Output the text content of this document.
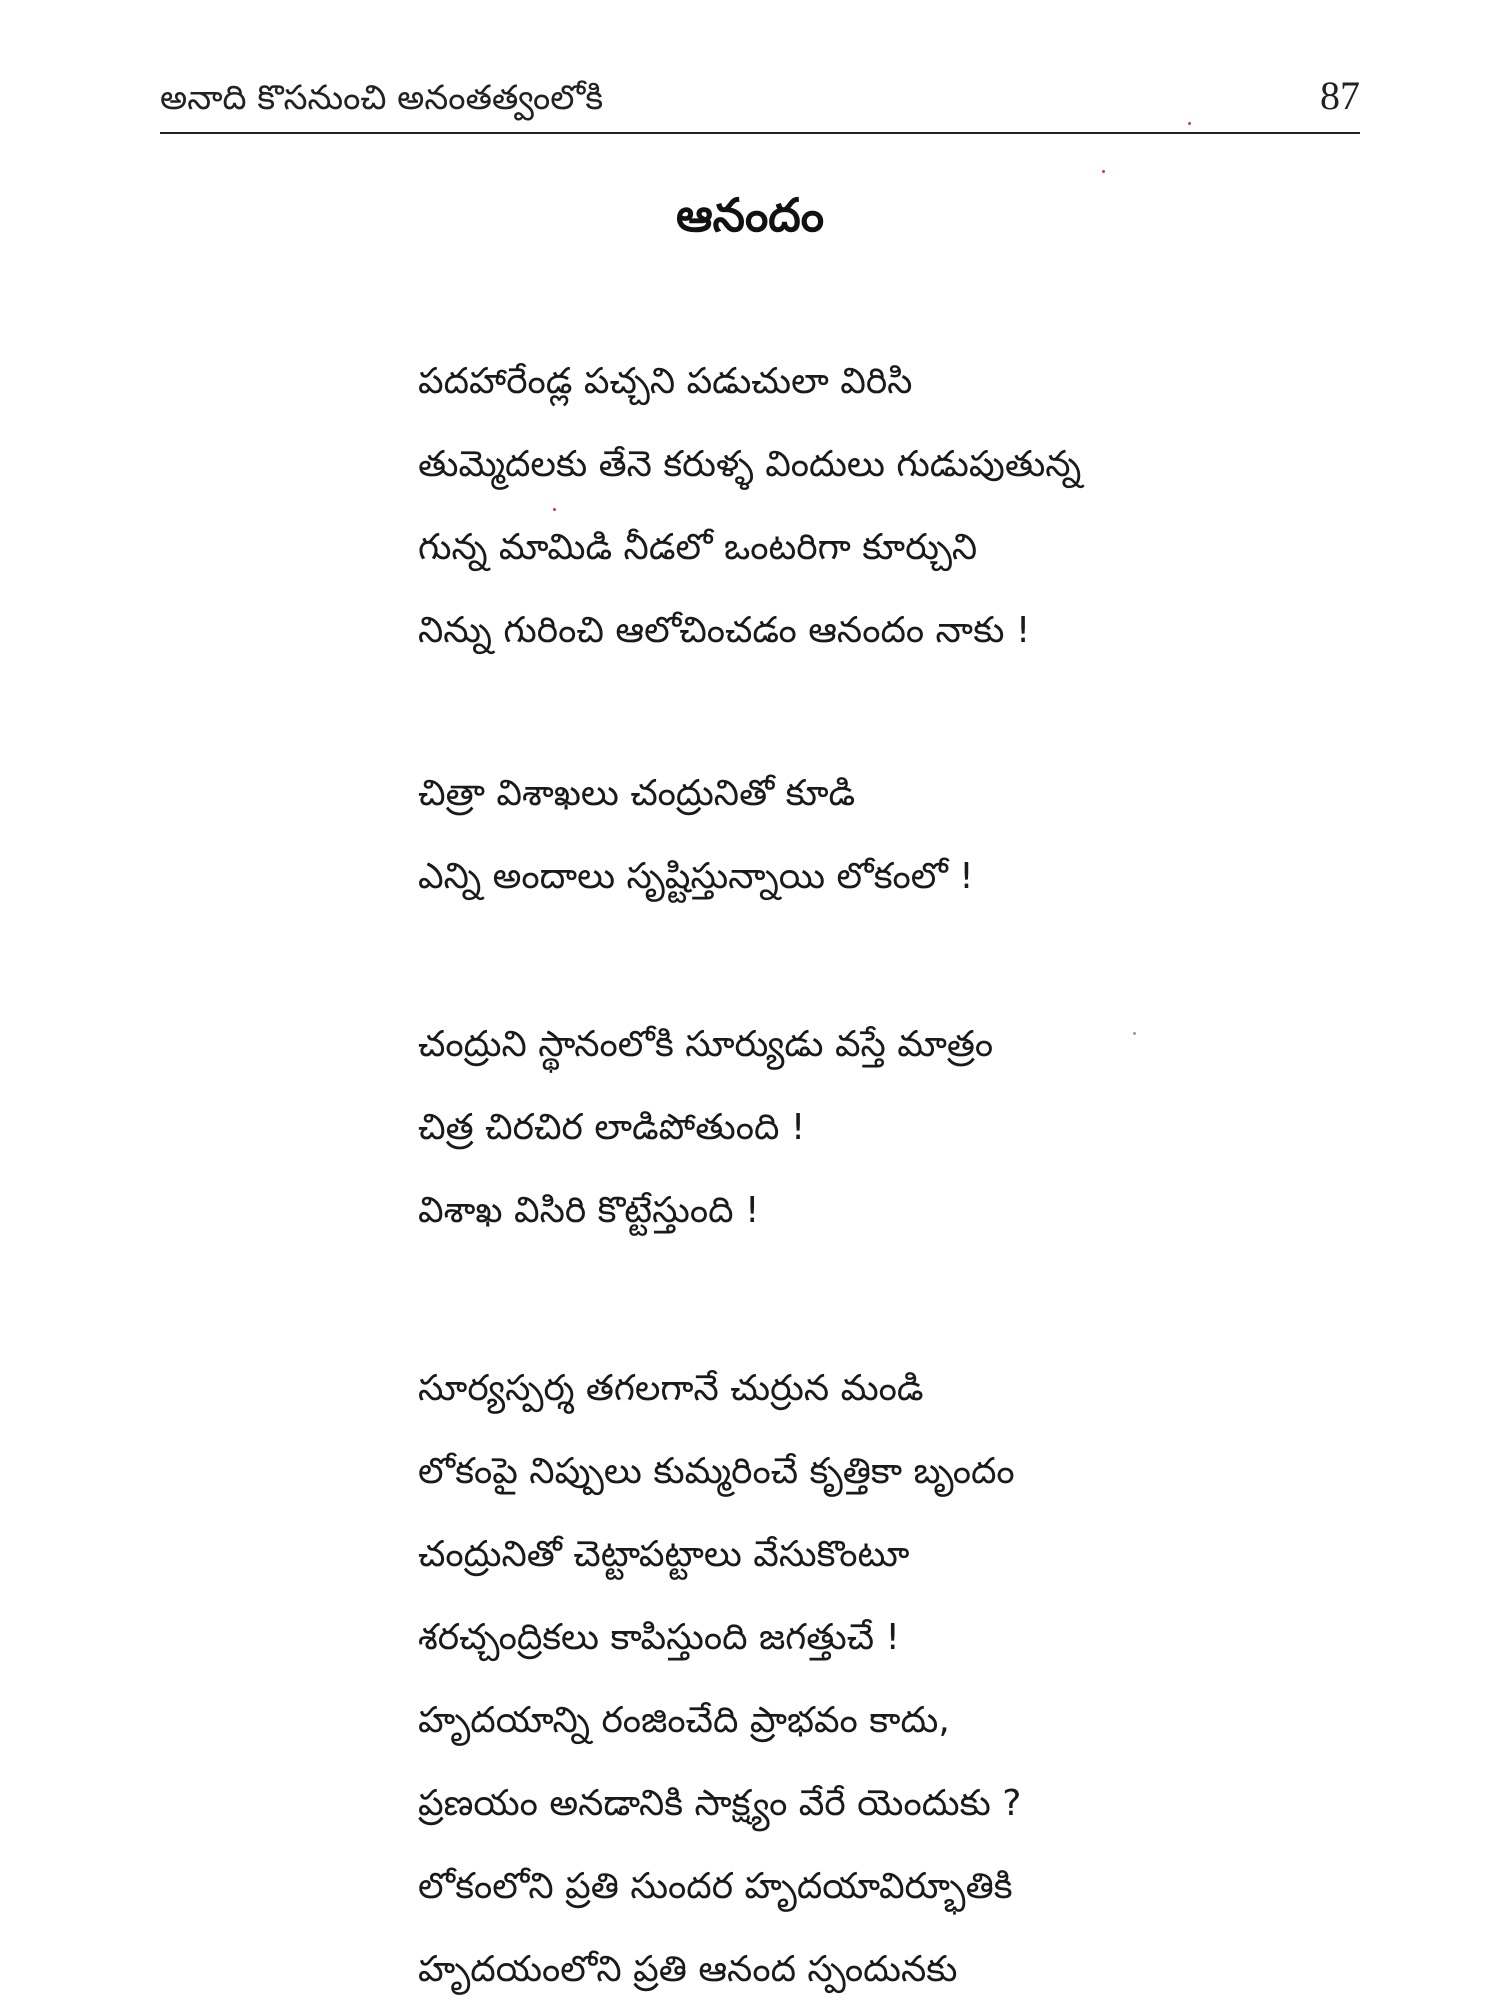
అనాది కొసనుంచి అనంతత్వంలోకి	87
ఆనందం
పదహారేండ్ల పచ్చని పడుచులా విరిసి
తుమ్మెదలకు తేనె కరుళ్ళ విందులు గుడుపుతున్న
గున్న మామిడి నీడలో ఒంటరిగా కూర్చుని
నిన్ను గురించి ఆలోచించడం ఆనందం నాకు !
చిత్రా విశాఖలు చంద్రునితో కూడి
ఎన్ని అందాలు సృష్టిస్తున్నాయి లోకంలో !
చంద్రుని స్థానంలోకి సూర్యుడు వస్తే మాత్రం
చిత్ర చిరచిర లాడిపోతుంది !
విశాఖ విసిరి కొట్టేస్తుంది !
సూర్యస్పర్శ తగలగానే చుర్రున మండి
లోకంపై నిప్పులు కుమ్మరించే కృత్తికా బృందం
చంద్రునితో చెట్టాపట్టాలు వేసుకొంటూ
శరచ్చంద్రికలు కాపిస్తుంది జగత్తుచే !
హృదయాన్ని రంజించేది ప్రాభవం కాదు,
ప్రణయం అనడానికి సాక్ష్యం వేరే యెందుకు ?
లోకంలోని ప్రతి సుందర హృదయావిర్భూతికి
హృదయంలోని ప్రతి ఆనంద స్పందునకు
